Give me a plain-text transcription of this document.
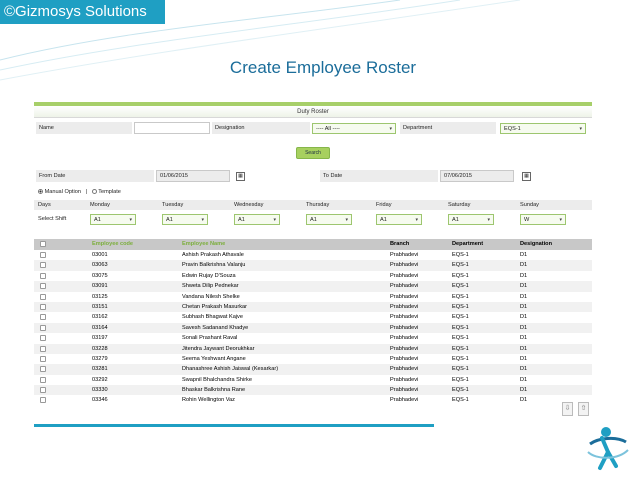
©Gizmosys Solutions
Create Employee Roster
Duty Roster
Name	Designation	---- All ----	▾	Department	EQS-1	▾
Search
From Date	01/06/2015	▦	To Date	07/06/2015	▦
Manual Option | Template
Days	Monday	Tuesday	Wednesday	Thursday	Friday	Saturday	Sunday
Select Shift	A1	▾	A1	▾	A1	▾	A1	▾	A1	▾	A1	▾	W	▾
Employee code	Employee Name	Branch	Department	Designation
03001	Ashish Prakash Athavale	Prabhadevi	EQS-1	D1
03063	Pravin Balkrishna Valanju	Prabhadevi	EQS-1	D1
03075	Edwin Rujay D'Souza	Prabhadevi	EQS-1	D1
03091	Shweta Dilip Pednekar	Prabhadevi	EQS-1	D1
03125	Vandana Nilesh Shelke	Prabhadevi	EQS-1	D1
03151	Chetan Prakash Masurkar	Prabhadevi	EQS-1	D1
03162	Subhash Bhagwat Kajve	Prabhadevi	EQS-1	D1
03164	Savesh Sadanand Khadye	Prabhadevi	EQS-1	D1
03197	Sonali Prashant Raval	Prabhadevi	EQS-1	D1
03228	Jitendra Jaywant Deorukhkar	Prabhadevi	EQS-1	D1
03279	Seema Yeshwant Angane	Prabhadevi	EQS-1	D1
03281	Dhanashree Ashish Jaiswal (Kesarkar)	Prabhadevi	EQS-1	D1
03292	Swapnil Bhalchandra Shirke	Prabhadevi	EQS-1	D1
03330	Bhaskar Balkrishna Rane	Prabhadevi	EQS-1	D1
03346	Rohin Wellington Vaz	Prabhadevi	EQS-1	D1
⇩	⇧
